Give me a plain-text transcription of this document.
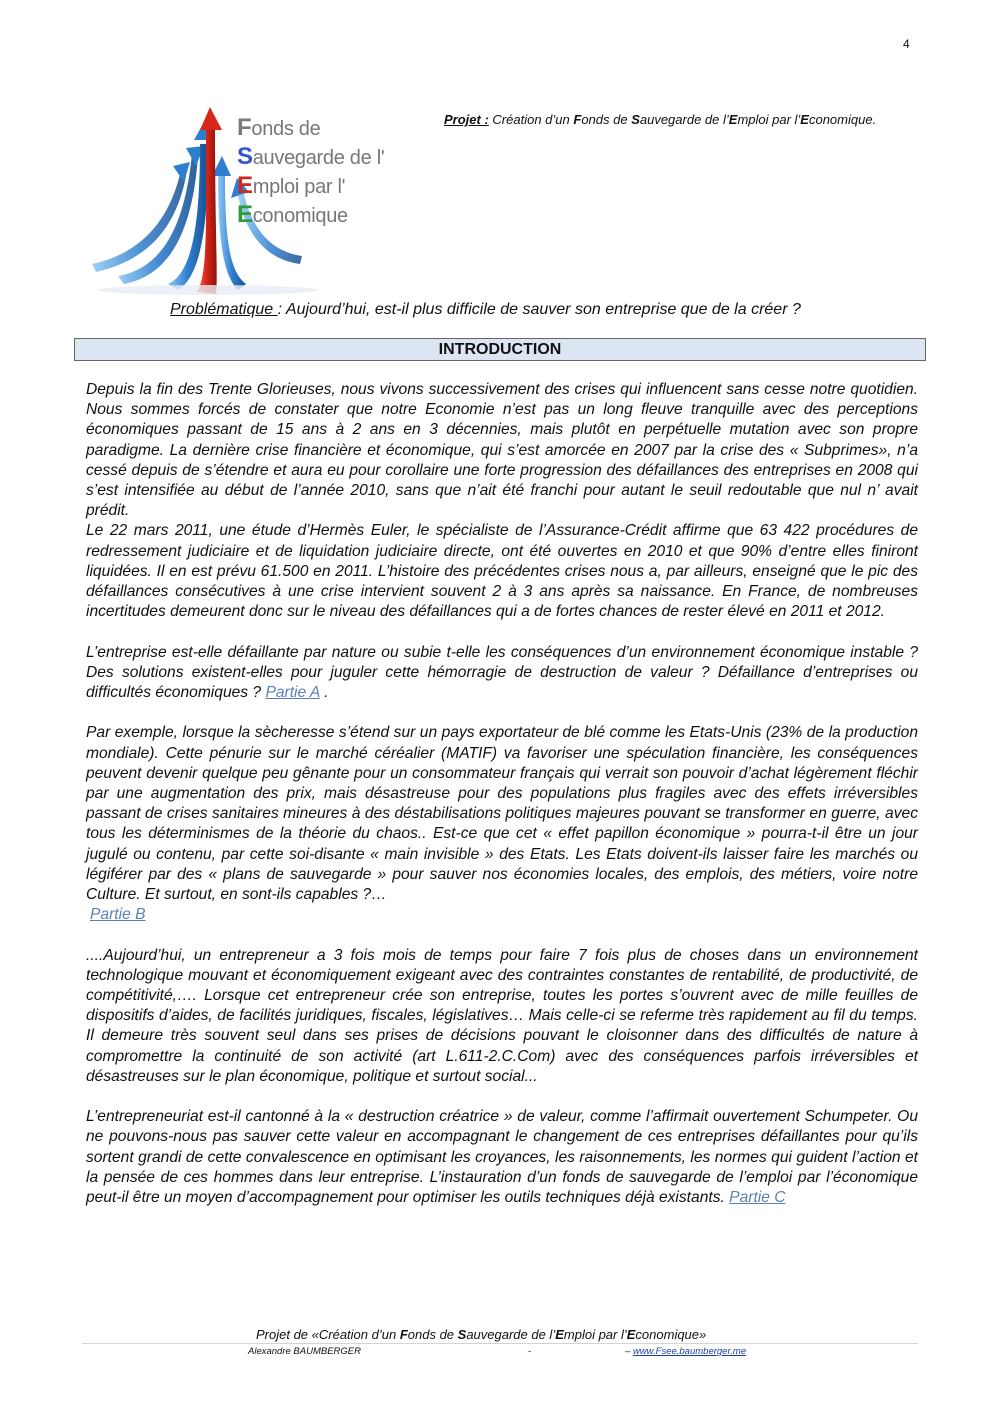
4
Fonds de
Sauvegarde de l'
Emploi par l'
Economique
Projet : Création d’un Fonds de Sauvegarde de l’Emploi par l’Economique.
Problématique : Aujourd’hui, est-il plus difficile de sauver son entreprise que de la créer ?
INTRODUCTION

Depuis la fin des Trente Glorieuses, nous vivons successivement des crises qui influencent sans cesse notre quotidien. Nous sommes forcés de constater que notre Economie n’est pas un long fleuve tranquille avec des perceptions économiques passant de 15 ans à 2 ans en 3 décennies, mais plutôt en perpétuelle mutation avec son propre paradigme. La dernière crise financière et économique, qui s’est amorcée en 2007 par la crise des « Subprimes», n’a cessé depuis de s’étendre et aura eu pour corollaire une forte progression des défaillances des entreprises en 2008 qui s’est intensifiée au début de l’année 2010, sans que n’ait été franchi pour autant le seuil redoutable que nul n’ avait prédit.

Le 22 mars 2011, une étude d’Hermès Euler, le spécialiste de l’Assurance-Crédit affirme que 63 422 procédures de redressement judiciaire et de liquidation judiciaire directe, ont été ouvertes en 2010 et que 90% d’entre elles finiront liquidées. Il en est prévu 61.500 en 2011. L’histoire des précédentes crises nous a, par ailleurs, enseigné que le pic des défaillances consécutives à une crise intervient souvent 2 à 3 ans après sa naissance. En France, de nombreuses incertitudes demeurent donc sur le niveau des défaillances qui a de fortes chances de rester élevé en 2011 et 2012.

L’entreprise est-elle défaillante par nature ou subie t-elle les conséquences d’un environnement économique instable ? Des solutions existent-elles pour juguler cette hémorragie de destruction de valeur ? Défaillance d’entreprises ou difficultés économiques ? Partie A .

Par exemple, lorsque la sècheresse s’étend sur un pays exportateur de blé comme les Etats-Unis (23% de la production mondiale). Cette pénurie sur le marché céréalier (MATIF) va favoriser une spéculation financière, les conséquences peuvent devenir quelque peu gênante pour un consommateur français qui verrait son pouvoir d’achat légèrement fléchir par une augmentation des prix, mais désastreuse pour des populations plus fragiles avec des effets irréversibles passant de crises sanitaires mineures à des déstabilisations politiques majeures pouvant se transformer en guerre, avec tous les déterminismes de la théorie du chaos.. Est-ce que cet « effet papillon économique » pourra-t-il être un jour jugulé ou contenu, par cette soi-disante « main invisible » des Etats. Les Etats doivent-ils laisser faire les marchés ou légiférer par des « plans de sauvegarde » pour sauver nos économies locales, des emplois, des métiers, voire notre Culture. Et surtout, en sont-ils capables ?…
Partie B

....Aujourd’hui, un entrepreneur a 3 fois mois de temps pour faire 7 fois plus de choses dans un environnement technologique mouvant et économiquement exigeant avec des contraintes constantes de rentabilité, de productivité, de compétitivité,…. Lorsque cet entrepreneur crée son entreprise, toutes les portes s’ouvrent avec de mille feuilles de dispositifs d’aides, de facilités juridiques, fiscales, législatives… Mais celle-ci se referme très rapidement au fil du temps. Il demeure très souvent seul dans ses prises de décisions pouvant le cloisonner dans des difficultés de nature à compromettre la continuité de son activité (art L.611-2.C.Com) avec des conséquences parfois irréversibles et désastreuses sur le plan économique, politique et surtout social...

L’entrepreneuriat est-il cantonné à la « destruction créatrice » de valeur, comme l’affirmait ouvertement Schumpeter. Ou ne pouvons-nous pas sauver cette valeur en accompagnant le changement de ces entreprises défaillantes pour qu’ils sortent grandi de cette convalescence en optimisant les croyances, les raisonnements, les normes qui guident l’action et la pensée de ces hommes dans leur entreprise. L’instauration d’un fonds de sauvegarde de l’emploi par l’économique peut-il être un moyen d’accompagnement pour optimiser les outils techniques déjà existants. Partie C

Projet de «Création d’un Fonds de Sauvegarde de l’Emploi par l’Economique»
Alexandre BAUMBERGER	-	– www.Fsee.baumberger.me
